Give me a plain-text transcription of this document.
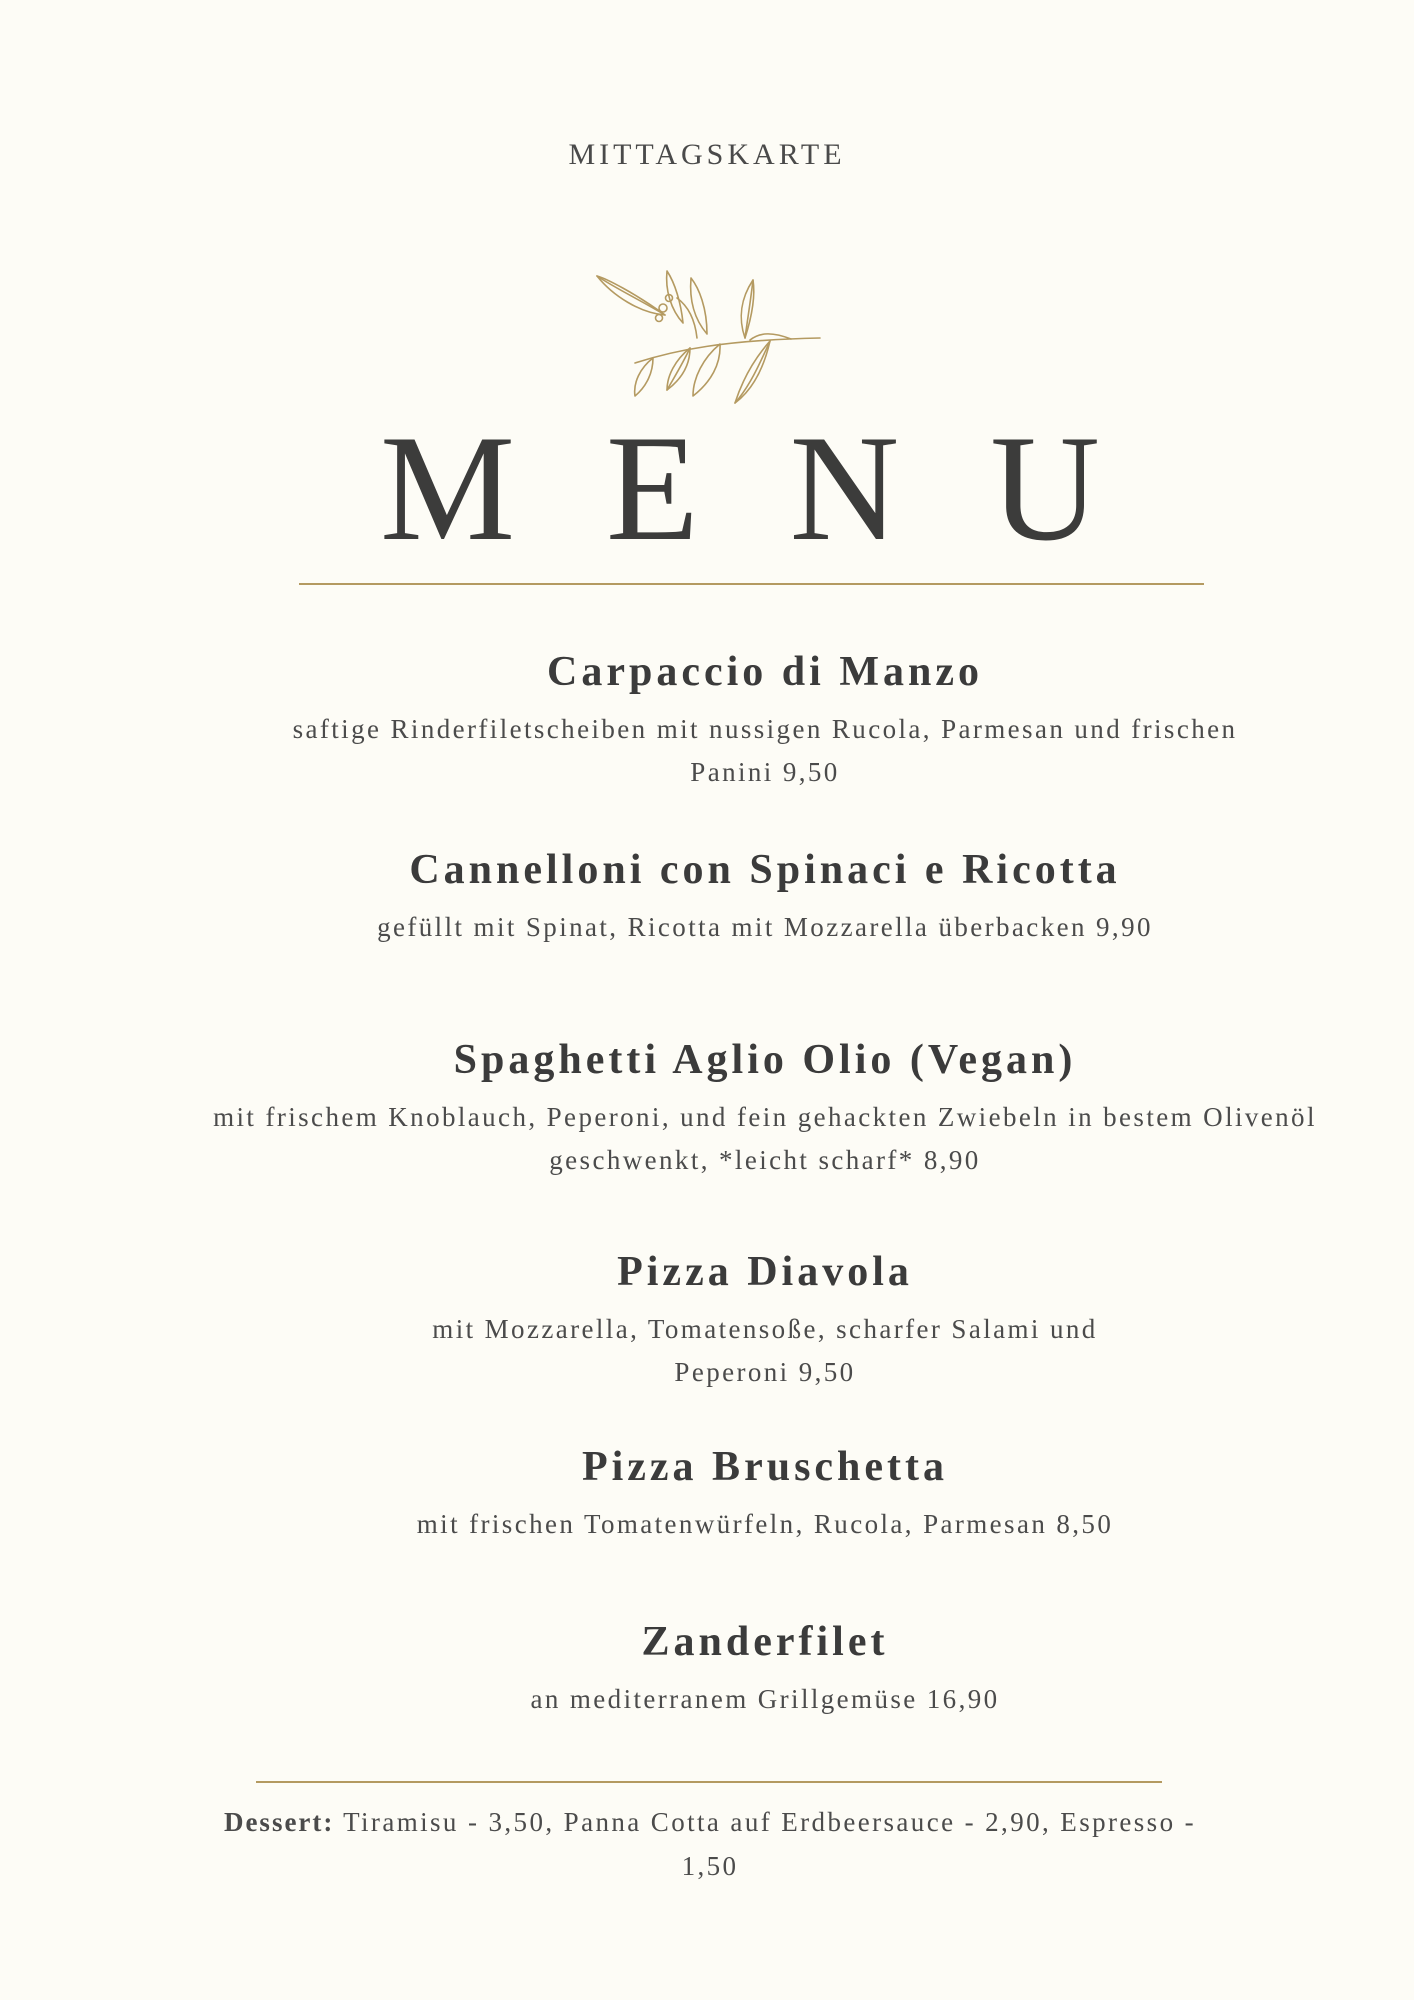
MITTAGSKARTE
M E N U
Carpaccio di Manzo
saftige Rinderfiletscheiben mit nussigen Rucola, Parmesan und frischen Panini 9,50
Cannelloni con Spinaci e Ricotta
gefüllt mit Spinat, Ricotta mit Mozzarella überbacken 9,90
Spaghetti Aglio Olio (Vegan)
mit frischem Knoblauch, Peperoni, und fein gehackten Zwiebeln in bestem Olivenöl geschwenkt, *leicht scharf* 8,90
Pizza Diavola
mit Mozzarella, Tomatensoße, scharfer Salami und Peperoni 9,50
Pizza Bruschetta
mit frischen Tomatenwürfeln, Rucola, Parmesan 8,50
Zanderfilet
an mediterranem Grillgemüse 16,90
Dessert: Tiramisu - 3,50, Panna Cotta auf Erdbeersauce - 2,90, Espresso - 1,50
